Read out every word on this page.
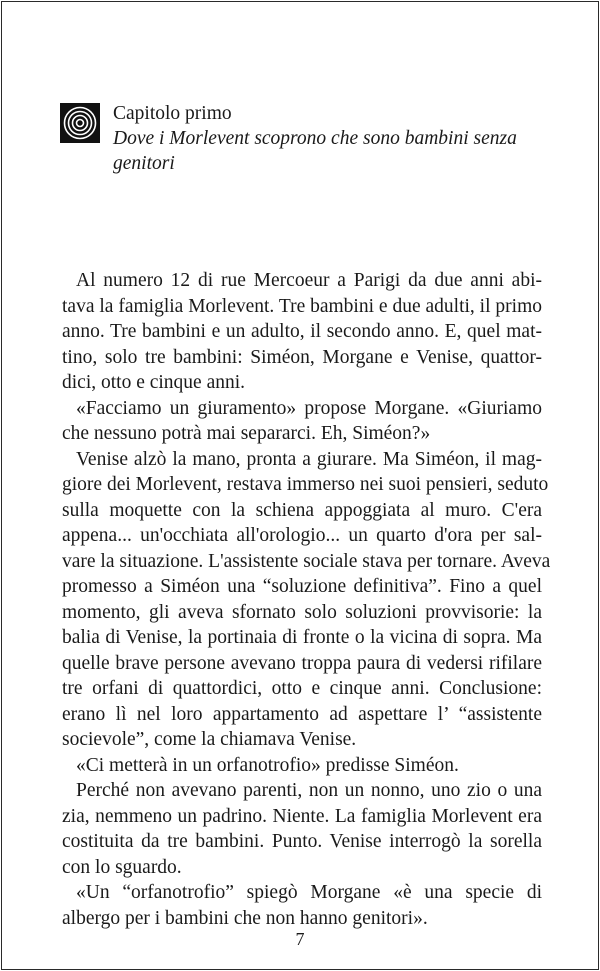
Capitolo primo
Dove i Morlevent scoprono che sono bambini senza
genitori
Al numero 12 di rue Mercoeur a Parigi da due anni abi-
tava la famiglia Morlevent. Tre bambini e due adulti, il primo
anno. Tre bambini e un adulto, il secondo anno. E, quel mat-
tino, solo tre bambini: Siméon, Morgane e Venise, quattor-
dici, otto e cinque anni.
«Facciamo un giuramento» propose Morgane. «Giuriamo
che nessuno potrà mai separarci. Eh, Siméon?»
Venise alzò la mano, pronta a giurare. Ma Siméon, il mag-
giore dei Morlevent, restava immerso nei suoi pensieri, seduto
sulla moquette con la schiena appoggiata al muro. C'era
appena... un'occhiata all'orologio... un quarto d'ora per sal-
vare la situazione. L'assistente sociale stava per tornare. Aveva
promesso a Siméon una “soluzione definitiva”. Fino a quel
momento, gli aveva sfornato solo soluzioni provvisorie: la
balia di Venise, la portinaia di fronte o la vicina di sopra. Ma
quelle brave persone avevano troppa paura di vedersi rifilare
tre orfani di quattordici, otto e cinque anni. Conclusione:
erano lì nel loro appartamento ad aspettare l’ “assistente
socievole”, come la chiamava Venise.
«Ci metterà in un orfanotrofio» predisse Siméon.
Perché non avevano parenti, non un nonno, uno zio o una
zia, nemmeno un padrino. Niente. La famiglia Morlevent era
costituita da tre bambini. Punto. Venise interrogò la sorella
con lo sguardo.
«Un “orfanotrofio” spiegò Morgane «è una specie di
albergo per i bambini che non hanno genitori».
7
